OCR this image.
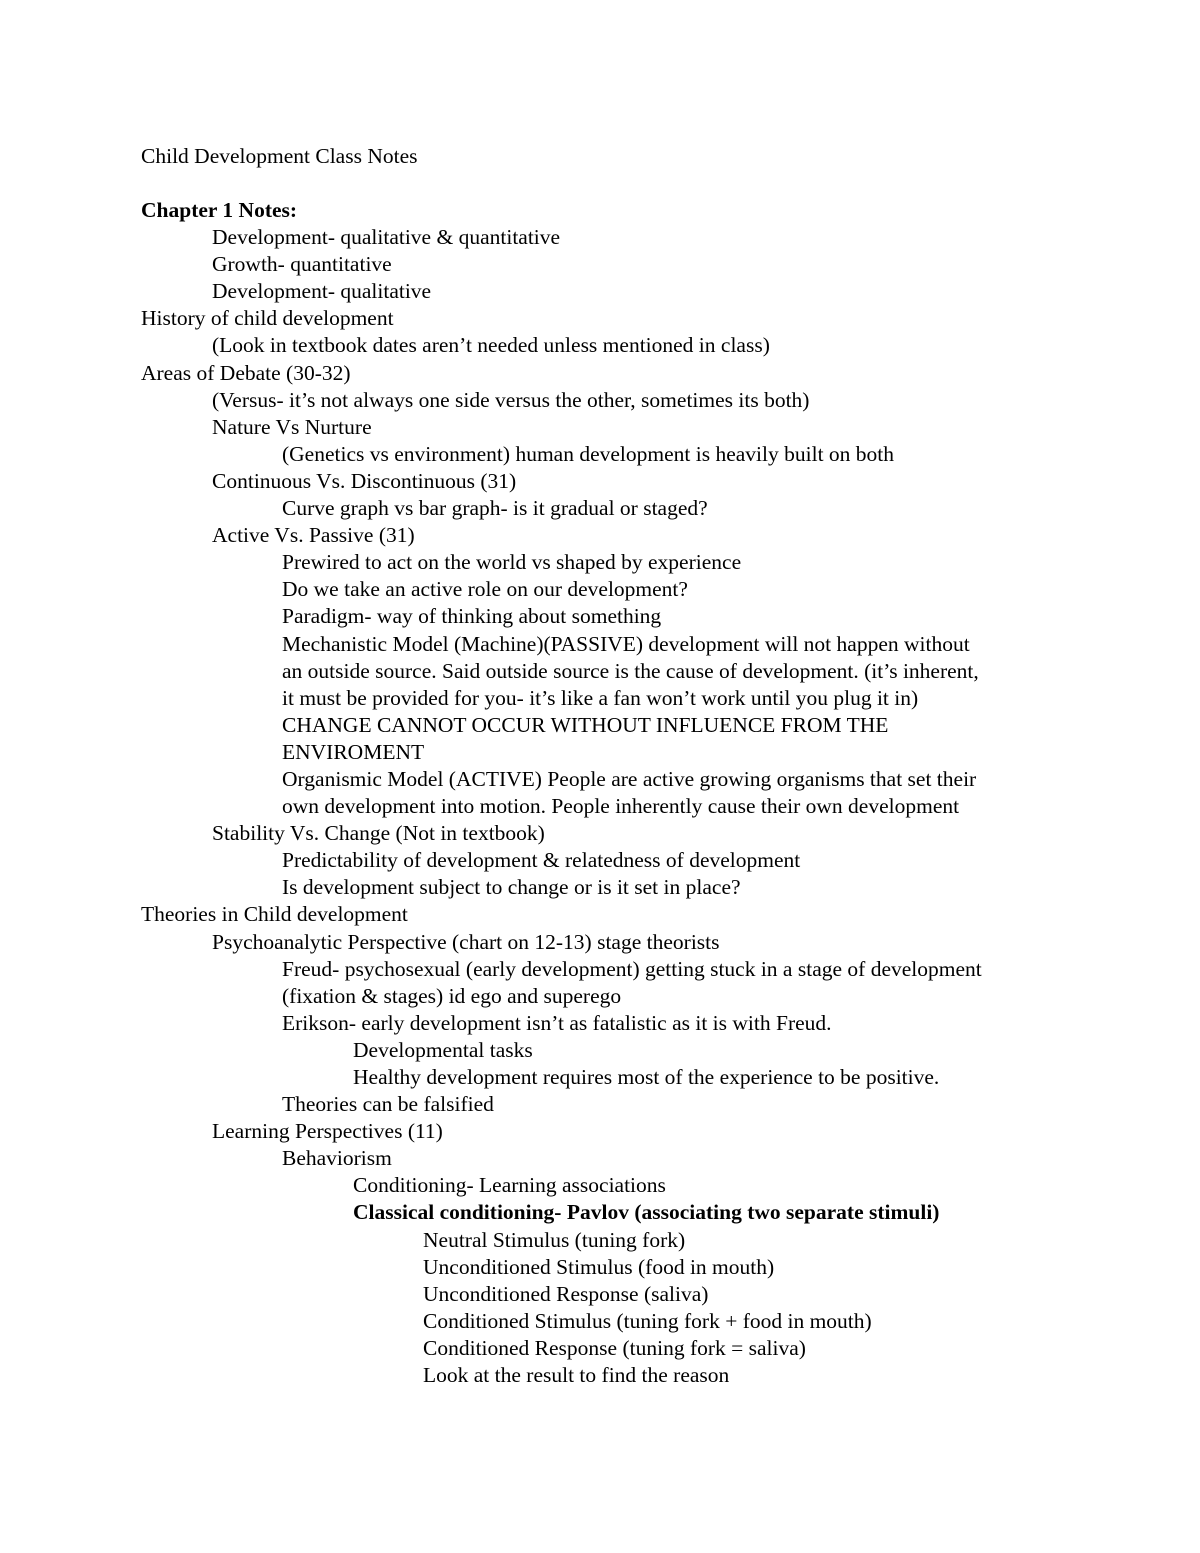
Child Development Class Notes
Chapter 1 Notes:
Development- qualitative & quantitative
Growth- quantitative
Development- qualitative
History of child development
(Look in textbook dates aren’t needed unless mentioned in class)
Areas of Debate (30-32)
(Versus- it’s not always one side versus the other, sometimes its both)
Nature Vs Nurture
(Genetics vs environment) human development is heavily built on both
Continuous Vs. Discontinuous (31)
Curve graph vs bar graph- is it gradual or staged?
Active Vs. Passive (31)
Prewired to act on the world vs shaped by experience
Do we take an active role on our development?
Paradigm- way of thinking about something
Mechanistic Model (Machine)(PASSIVE) development will not happen without
an outside source. Said outside source is the cause of development. (it’s inherent,
it must be provided for you- it’s like a fan won’t work until you plug it in)
CHANGE CANNOT OCCUR WITHOUT INFLUENCE FROM THE
ENVIROMENT
Organismic Model (ACTIVE) People are active growing organisms that set their
own development into motion. People inherently cause their own development
Stability Vs. Change (Not in textbook)
Predictability of development & relatedness of development
Is development subject to change or is it set in place?
Theories in Child development
Psychoanalytic Perspective (chart on 12-13) stage theorists
Freud- psychosexual (early development) getting stuck in a stage of development
(fixation & stages) id ego and superego
Erikson- early development isn’t as fatalistic as it is with Freud.
Developmental tasks
Healthy development requires most of the experience to be positive.
Theories can be falsified
Learning Perspectives (11)
Behaviorism
Conditioning- Learning associations
Classical conditioning- Pavlov (associating two separate stimuli)
Neutral Stimulus (tuning fork)
Unconditioned Stimulus (food in mouth)
Unconditioned Response (saliva)
Conditioned Stimulus (tuning fork + food in mouth)
Conditioned Response (tuning fork = saliva)
Look at the result to find the reason
